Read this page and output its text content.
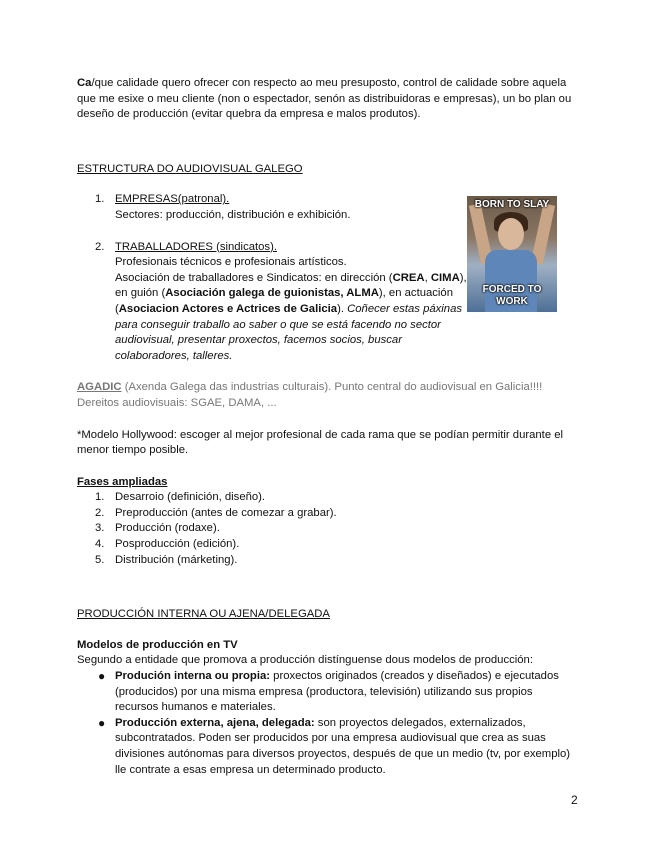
Ca/que calidade quero ofrecer con respecto ao meu presuposto, control de calidade sobre aquela que me esixe o meu cliente (non o espectador, senón as distribuidoras e empresas), un bo plan ou deseño de producción (evitar quebra da empresa e malos produtos).

ESTRUCTURA DO AUDIOVISUAL GALEGO

1. EMPRESAS(patronal).
Sectores: producción, distribución e exhibición.
2. TRABALLADORES (sindicatos).
Profesionais técnicos e profesionais artísticos.
Asociación de traballadores e Sindicatos: en dirección (CREA, CIMA), en guión (Asociación galega de guionistas, ALMA), en actuación (Asociacion Actores e Actrices de Galicia). Coñecer estas páxinas para conseguir traballo ao saber o que se está facendo no sector audiovisual, presentar proxectos, facemos socios, buscar colaboradores, talleres.

AGADIC (Axenda Galega das industrias culturais). Punto central do audiovisual en Galicia!!!!

Dereitos audiovisuais: SGAE, DAMA, ...

*Modelo Hollywood: escoger al mejor profesional de cada rama que se podían permitir durante el menor tiempo posible.

Fases ampliadas

1. Desarroio (definición, diseño).
2. Preproducción (antes de comezar a grabar).
3. Producción (rodaxe).
4. Posproducción (edición).
5. Distribución (márketing).

PRODUCCIÓN INTERNA OU AJENA/DELEGADA

Modelos de producción en TV

Segundo a entidade que promova a producción distínguense dous modelos de producción:

● Produción interna ou propia: proxectos originados (creados y diseñados) e ejecutados (producidos) por una misma empresa (productora, televisión) utilizando sus propios recursos humanos e materiales.
● Producción externa, ajena, delegada: son proyectos delegados, externalizados, subcontratados. Poden ser producidos por una empresa audiovisual que crea as suas divisiones autónomas para diversos proyectos, después de que un medio (tv, por exemplo) lle contrate a esas empresa un determinado producto.
BORN TO SLAY
FORCED TO WORK
2
